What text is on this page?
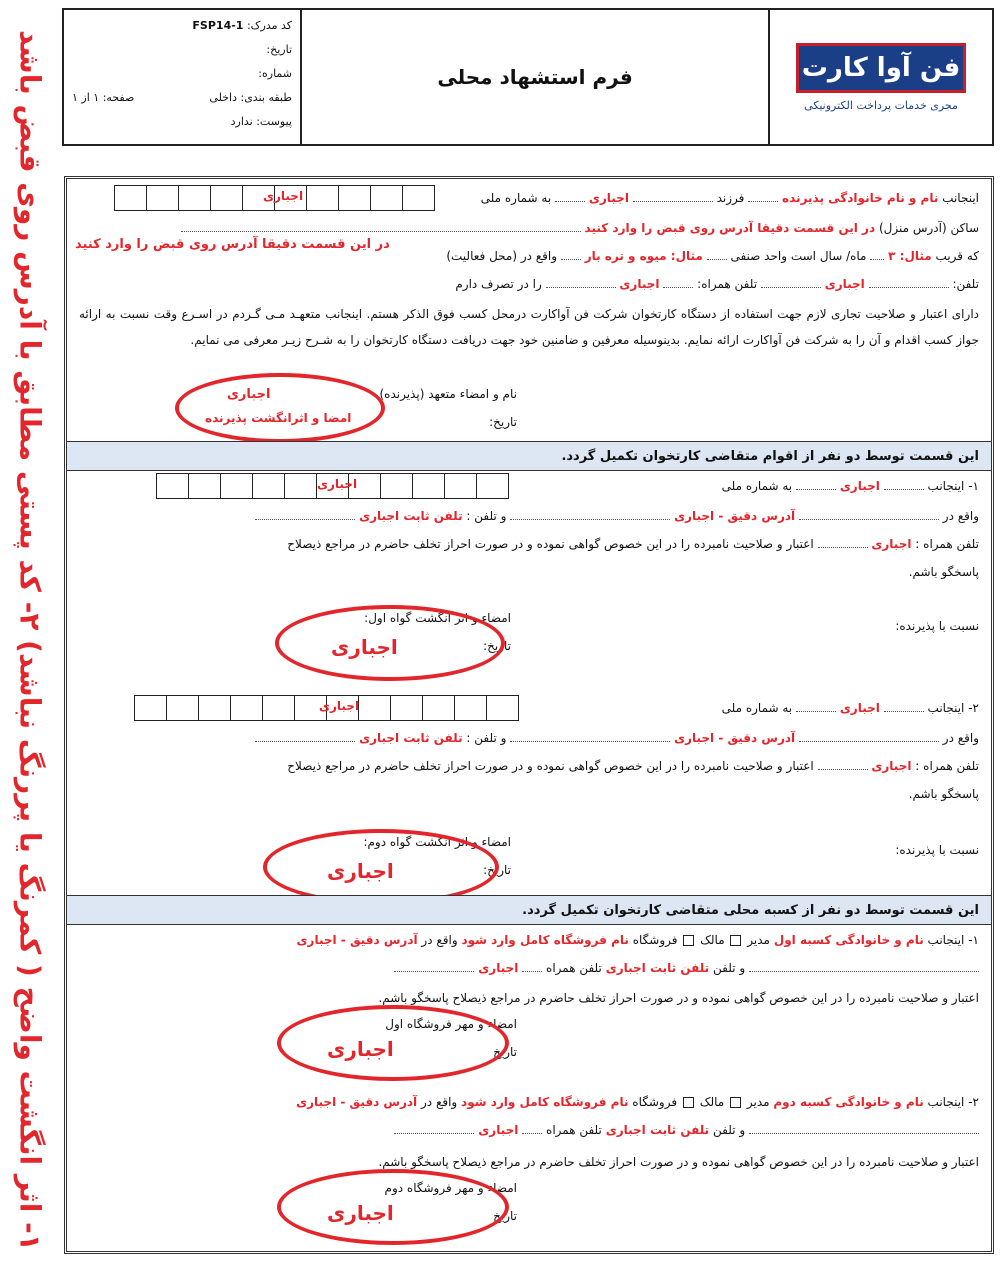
۱- اثر انگشت واضح ( کمرنگ یا پررنگ نباشد) ۲- کد پستی مطابق با آدرس روی قبض باشد
فن آوا کارت
مجری خدمات پرداخت الکترونیکی
فرم استشهاد محلی
کد مدرک: FSP14-1
تاریخ:
شماره:
طبقه بندی: داخلی
صفحه: ۱ از ۱
پیوست: ندارد
اینجانب نام و نام خانوادگی پذیرنده  فرزند  اجباری  به شماره ملی
اجباری
ساکن (آدرس منزل) در این قسمت دقیقا آدرس روی قبض را وارد کنید
که قریب مثال: ۳  ماه/ سال است واحد صنفی  مثال: میوه و تره بار  واقع در (محل فعالیت)
در این قسمت دقیقا آدرس روی قبض را وارد کنید
تلفن:  اجباری  تلفن همراه:  اجباری  را در تصرف دارم
دارای اعتبار و صلاحیت تجاری لازم جهت استفاده از دستگاه کارتخوان شرکت فن آواکارت درمحل کسب فوق الذکر هستم. اینجانب متعهـد مـی گـردم در اسـرع وقت نسبت به ارائه جواز کسب اقدام و آن را به شرکت فن آواکارت ارائه نمایم. بدینوسیله معرفین و ضامنین خود جهت دریافت دستگاه کارتخوان را به شـرح زیـر معرفی می نمایم.
نام و امضاء متعهد (پذیرنده)
تاریخ:
اجباری
امضا و اثرانگشت پذیرنده
این قسمت توسط دو نفر از اقوام متقاضی کارتخوان تکمیل گردد.
۱- اینجانب  اجباری  به شماره ملی
اجباری
واقع در  آدرس دقیق - اجباری  و تلفن : تلفن ثابت اجباری
تلفن همراه : اجباری  اعتبار و صلاحیت نامبرده را در این خصوص گواهی نموده و در صورت احراز تخلف حاضرم در مراجع ذیصلاح
پاسخگو باشم.
نسبت با پذیرنده:
امضاء و اثر انگشت گواه اول:
تاریخ:
اجباری
۲- اینجانب  اجباری  به شماره ملی
اجباری
واقع در  آدرس دقیق - اجباری  و تلفن : تلفن ثابت اجباری
تلفن همراه : اجباری  اعتبار و صلاحیت نامبرده را در این خصوص گواهی نموده و در صورت احراز تخلف حاضرم در مراجع ذیصلاح
پاسخگو باشم.
نسبت با پذیرنده:
امضاء و اثر انگشت گواه دوم:
تاریخ:
اجباری
این قسمت توسط دو نفر از کسبه محلی متقاضی کارتخوان تکمیل گردد.
۱- اینجانب نام و خانوادگی کسبه اول مدیر  مالک  فروشگاه نام فروشگاه کامل وارد شود واقع در آدرس دقیق - اجباری
و تلفن تلفن ثابت اجباری تلفن همراه  اجباری
اعتبار و صلاحیت نامبرده را در این خصوص گواهی نموده و در صورت احراز تخلف حاضرم در مراجع ذیصلاح پاسخگو باشم.
امضاء و مهر فروشگاه اول
تاریخ
اجباری
۲- اینجانب نام و خانوادگی کسبه دوم مدیر  مالک  فروشگاه نام فروشگاه کامل وارد شود واقع در آدرس دقیق - اجباری
و تلفن تلفن ثابت اجباری تلفن همراه  اجباری
اعتبار و صلاحیت نامبرده را در این خصوص گواهی نموده و در صورت احراز تخلف حاضرم در مراجع ذیصلاح پاسخگو باشم.
امضاء و مهر فروشگاه دوم
تاریخ
اجباری
